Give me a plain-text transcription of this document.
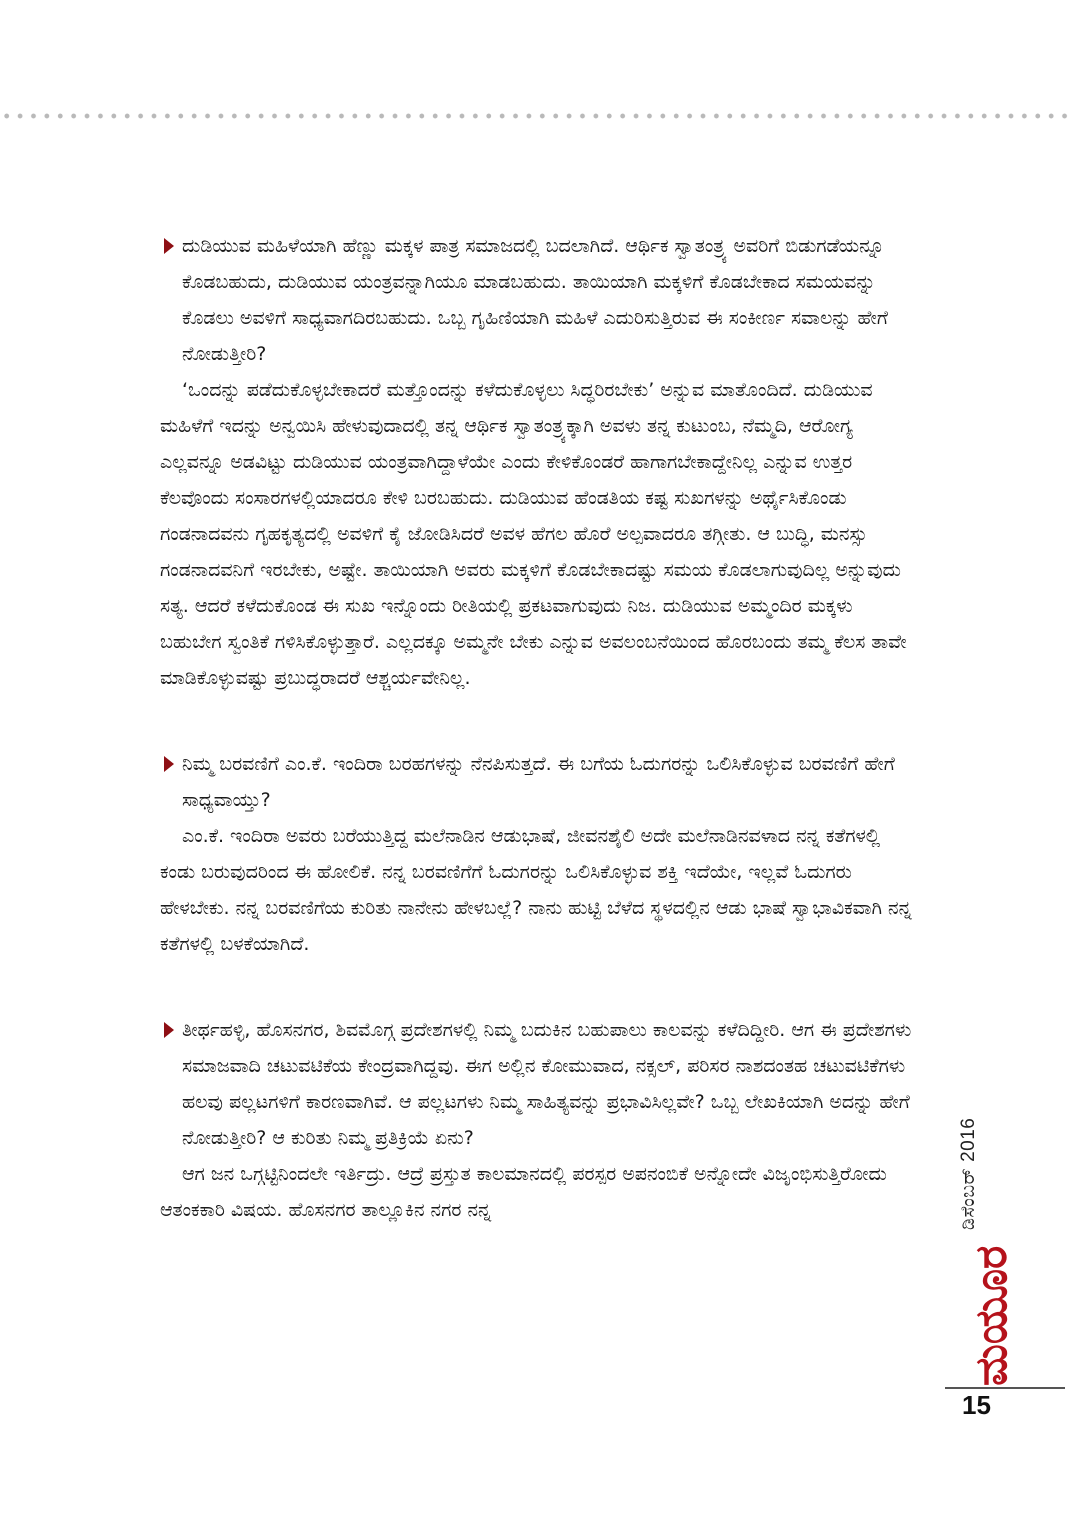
ದುಡಿಯುವ ಮಹಿಳೆಯಾಗಿ ಹೆಣ್ಣು ಮಕ್ಕಳ ಪಾತ್ರ ಸಮಾಜದಲ್ಲಿ ಬದಲಾಗಿದೆ. ಆರ್ಥಿಕ ಸ್ವಾತಂತ್ರ್ಯ ಅವರಿಗೆ ಬಿಡುಗಡೆಯನ್ನೂ ಕೊಡಬಹುದು, ದುಡಿಯುವ ಯಂತ್ರವನ್ನಾಗಿಯೂ ಮಾಡಬಹುದು. ತಾಯಿಯಾಗಿ ಮಕ್ಕಳಿಗೆ ಕೊಡಬೇಕಾದ ಸಮಯವನ್ನು ಕೊಡಲು ಅವಳಿಗೆ ಸಾಧ್ಯವಾಗದಿರಬಹುದು. ಒಬ್ಬ ಗೃಹಿಣಿಯಾಗಿ ಮಹಿಳೆ ಎದುರಿಸುತ್ತಿರುವ ಈ ಸಂಕೀರ್ಣ ಸವಾಲನ್ನು ಹೇಗೆ ನೋಡುತ್ತೀರಿ?

‘ಒಂದನ್ನು ಪಡೆದುಕೊಳ್ಳಬೇಕಾದರೆ ಮತ್ತೊಂದನ್ನು ಕಳೆದುಕೊಳ್ಳಲು ಸಿದ್ಧರಿರಬೇಕು’ ಅನ್ನುವ ಮಾತೊಂದಿದೆ. ದುಡಿಯುವ ಮಹಿಳೆಗೆ ಇದನ್ನು ಅನ್ವಯಿಸಿ ಹೇಳುವುದಾದಲ್ಲಿ ತನ್ನ ಆರ್ಥಿಕ ಸ್ವಾತಂತ್ರ್ಯಕ್ಕಾಗಿ ಅವಳು ತನ್ನ ಕುಟುಂಬ, ನೆಮ್ಮದಿ, ಆರೋಗ್ಯ ಎಲ್ಲವನ್ನೂ ಅಡವಿಟ್ಟು ದುಡಿಯುವ ಯಂತ್ರವಾಗಿದ್ದಾಳೆಯೇ ಎಂದು ಕೇಳಿಕೊಂಡರೆ ಹಾಗಾಗಬೇಕಾದ್ದೇನಿಲ್ಲ ಎನ್ನುವ ಉತ್ತರ ಕೆಲವೊಂದು ಸಂಸಾರಗಳಲ್ಲಿಯಾದರೂ ಕೇಳಿ ಬರಬಹುದು. ದುಡಿಯುವ ಹೆಂಡತಿಯ ಕಷ್ಟ ಸುಖಗಳನ್ನು ಅರ್ಥೈಸಿಕೊಂಡು ಗಂಡನಾದವನು ಗೃಹಕೃತ್ಯದಲ್ಲಿ ಅವಳಿಗೆ ಕೈ ಜೋಡಿಸಿದರೆ ಅವಳ ಹೆಗಲ ಹೊರೆ ಅಲ್ಪವಾದರೂ ತಗ್ಗೀತು. ಆ ಬುದ್ಧಿ, ಮನಸ್ಸು ಗಂಡನಾದವನಿಗೆ ಇರಬೇಕು, ಅಷ್ಟೇ. ತಾಯಿಯಾಗಿ ಅವರು ಮಕ್ಕಳಿಗೆ ಕೊಡಬೇಕಾದಷ್ಟು ಸಮಯ ಕೊಡಲಾಗುವುದಿಲ್ಲ ಅನ್ನುವುದು ಸತ್ಯ. ಆದರೆ ಕಳೆದುಕೊಂಡ ಈ ಸುಖ ಇನ್ನೊಂದು ರೀತಿಯಲ್ಲಿ ಪ್ರಕಟವಾಗುವುದು ನಿಜ. ದುಡಿಯುವ ಅಮ್ಮಂದಿರ ಮಕ್ಕಳು ಬಹುಬೇಗ ಸ್ವಂತಿಕೆ ಗಳಿಸಿಕೊಳ್ಳುತ್ತಾರೆ. ಎಲ್ಲದಕ್ಕೂ ಅಮ್ಮನೇ ಬೇಕು ಎನ್ನುವ ಅವಲಂಬನೆಯಿಂದ ಹೊರಬಂದು ತಮ್ಮ ಕೆಲಸ ತಾವೇ ಮಾಡಿಕೊಳ್ಳುವಷ್ಟು ಪ್ರಬುದ್ಧರಾದರೆ ಆಶ್ಚರ್ಯವೇನಿಲ್ಲ.

ನಿಮ್ಮ ಬರವಣಿಗೆ ಎಂ.ಕೆ. ಇಂದಿರಾ ಬರಹಗಳನ್ನು ನೆನಪಿಸುತ್ತದೆ. ಈ ಬಗೆಯ ಓದುಗರನ್ನು ಒಲಿಸಿಕೊಳ್ಳುವ ಬರವಣಿಗೆ ಹೇಗೆ ಸಾಧ್ಯವಾಯ್ತು?

ಎಂ.ಕೆ. ಇಂದಿರಾ ಅವರು ಬರೆಯುತ್ತಿದ್ದ ಮಲೆನಾಡಿನ ಆಡುಭಾಷೆ, ಜೀವನಶೈಲಿ ಅದೇ ಮಲೆನಾಡಿನವಳಾದ ನನ್ನ ಕತೆಗಳಲ್ಲಿ ಕಂಡು ಬರುವುದರಿಂದ ಈ ಹೋಲಿಕೆ. ನನ್ನ ಬರವಣಿಗೆಗೆ ಓದುಗರನ್ನು ಒಲಿಸಿಕೊಳ್ಳುವ ಶಕ್ತಿ ಇದೆಯೇ, ಇಲ್ಲವೆ ಓದುಗರು ಹೇಳಬೇಕು. ನನ್ನ ಬರವಣಿಗೆಯ ಕುರಿತು ನಾನೇನು ಹೇಳಬಲ್ಲೆ? ನಾನು ಹುಟ್ಟಿ ಬೆಳೆದ ಸ್ಥಳದಲ್ಲಿನ ಆಡು ಭಾಷೆ ಸ್ವಾಭಾವಿಕವಾಗಿ ನನ್ನ ಕತೆಗಳಲ್ಲಿ ಬಳಕೆಯಾಗಿದೆ.

ತೀರ್ಥಹಳ್ಳಿ, ಹೊಸನಗರ, ಶಿವಮೊಗ್ಗ ಪ್ರದೇಶಗಳಲ್ಲಿ ನಿಮ್ಮ ಬದುಕಿನ ಬಹುಪಾಲು ಕಾಲವನ್ನು ಕಳೆದಿದ್ದೀರಿ. ಆಗ ಈ ಪ್ರದೇಶಗಳು ಸಮಾಜವಾದಿ ಚಟುವಟಿಕೆಯ ಕೇಂದ್ರವಾಗಿದ್ದವು. ಈಗ ಅಲ್ಲಿನ ಕೋಮುವಾದ, ನಕ್ಸಲ್, ಪರಿಸರ ನಾಶದಂತಹ ಚಟುವಟಿಕೆಗಳು ಹಲವು ಪಲ್ಲಟಗಳಿಗೆ ಕಾರಣವಾಗಿವೆ. ಆ ಪಲ್ಲಟಗಳು ನಿಮ್ಮ ಸಾಹಿತ್ಯವನ್ನು ಪ್ರಭಾವಿಸಿಲ್ಲವೇ? ಒಬ್ಬ ಲೇಖಕಿಯಾಗಿ ಅದನ್ನು ಹೇಗೆ ನೋಡುತ್ತೀರಿ? ಆ ಕುರಿತು ನಿಮ್ಮ ಪ್ರತಿಕ್ರಿಯೆ ಏನು?

ಆಗ ಜನ ಒಗ್ಗಟ್ಟಿನಿಂದಲೇ ಇರ್ತಿದ್ರು. ಆದ್ರೆ ಪ್ರಸ್ತುತ ಕಾಲಮಾನದಲ್ಲಿ ಪರಸ್ಪರ ಅಪನಂಬಿಕೆ ಅನ್ನೋದೇ ವಿಜೃಂಭಿಸುತ್ತಿರೋದು ಆತಂಕಕಾರಿ ವಿಷಯ. ಹೊಸನಗರ ತಾಲ್ಲೂಕಿನ ನಗರ ನನ್ನ	ಡಿಸೆಂಬರ್ 2016
ಮಯೂರ
15
